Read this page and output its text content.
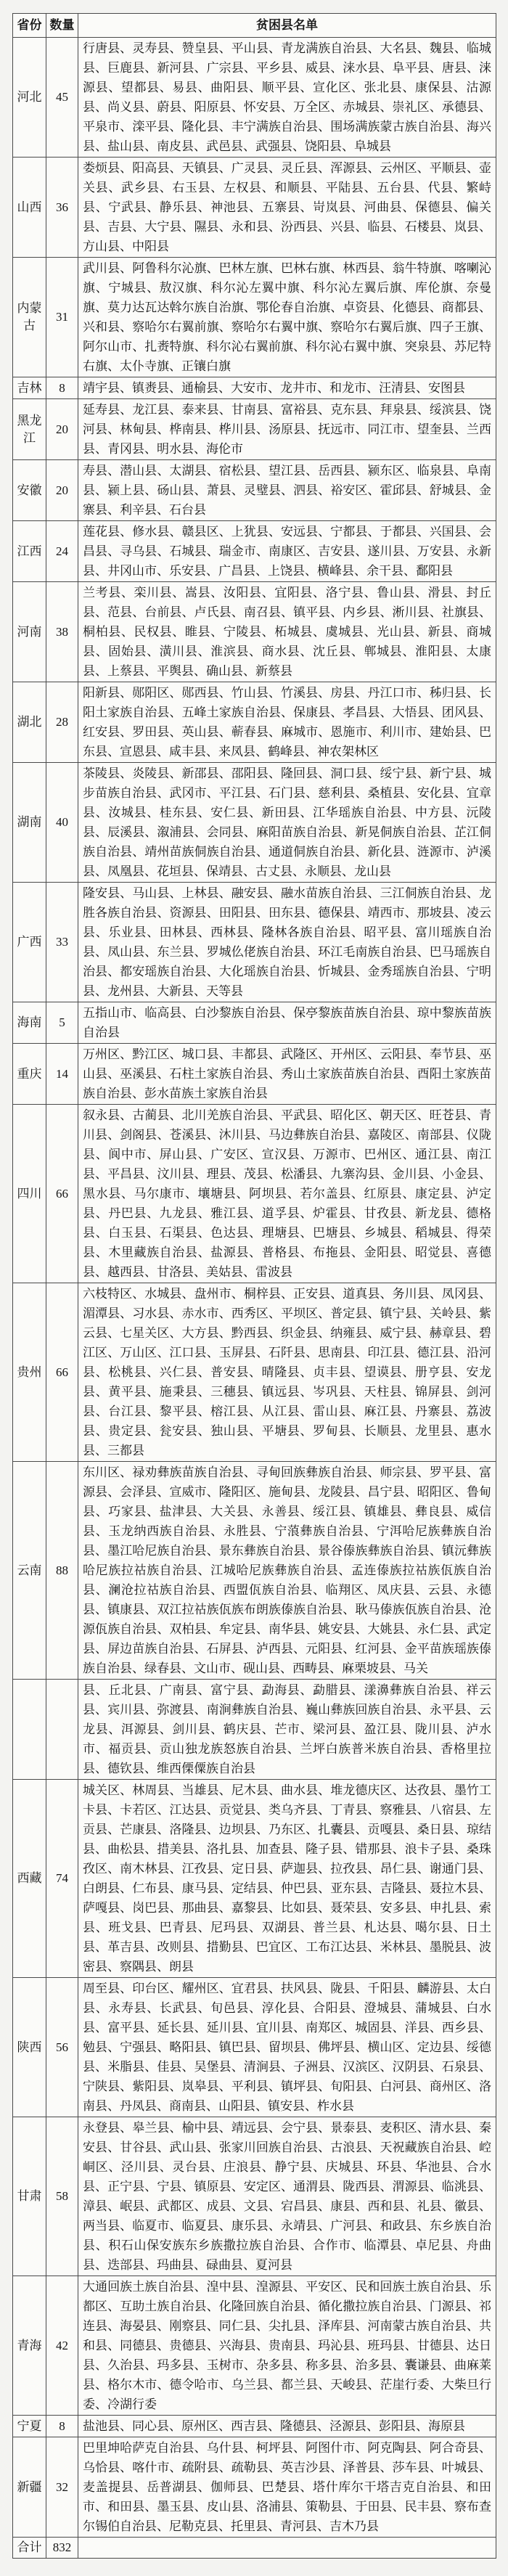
省份	数量	贫困县名单
河北	45	行唐县、灵寿县、赞皇县、平山县、青龙满族自治县、大名县、魏县、临城县、巨鹿县、新河县、广宗县、平乡县、威县、涞水县、阜平县、唐县、涞源县、望都县、易县、曲阳县、顺平县、宣化区、张北县、康保县、沽源县、尚义县、蔚县、阳原县、怀安县、万全区、赤城县、崇礼区、承德县、平泉市、滦平县、隆化县、丰宁满族自治县、围场满族蒙古族自治县、海兴县、盐山县、南皮县、武邑县、武强县、饶阳县、阜城县
山西	36	娄烦县、阳高县、天镇县、广灵县、灵丘县、浑源县、云州区、平顺县、壶关县、武乡县、右玉县、左权县、和顺县、平陆县、五台县、代县、繁峙县、宁武县、静乐县、神池县、五寨县、岢岚县、河曲县、保德县、偏关县、吉县、大宁县、隰县、永和县、汾西县、兴县、临县、石楼县、岚县、方山县、中阳县
内蒙古	31	武川县、阿鲁科尔沁旗、巴林左旗、巴林右旗、林西县、翁牛特旗、喀喇沁旗、宁城县、敖汉旗、科尔沁左翼中旗、科尔沁左翼后旗、库伦旗、奈曼旗、莫力达瓦达斡尔族自治旗、鄂伦春自治旗、卓资县、化德县、商都县、兴和县、察哈尔右翼前旗、察哈尔右翼中旗、察哈尔右翼后旗、四子王旗、阿尔山市、扎赉特旗、科尔沁右翼前旗、科尔沁右翼中旗、突泉县、苏尼特右旗、太仆寺旗、正镶白旗
吉林	8	靖宇县、镇赉县、通榆县、大安市、龙井市、和龙市、汪清县、安图县
黑龙江	20	延寿县、龙江县、泰来县、甘南县、富裕县、克东县、拜泉县、绥滨县、饶河县、林甸县、桦南县、桦川县、汤原县、抚远市、同江市、望奎县、兰西县、青冈县、明水县、海伦市
安徽	20	寿县、潜山县、太湖县、宿松县、望江县、岳西县、颍东区、临泉县、阜南县、颍上县、砀山县、萧县、灵璧县、泗县、裕安区、霍邱县、舒城县、金寨县、利辛县、石台县
江西	24	莲花县、修水县、赣县区、上犹县、安远县、宁都县、于都县、兴国县、会昌县、寻乌县、石城县、瑞金市、南康区、吉安县、遂川县、万安县、永新县、井冈山市、乐安县、广昌县、上饶县、横峰县、余干县、鄱阳县
河南	38	兰考县、栾川县、嵩县、汝阳县、宜阳县、洛宁县、鲁山县、滑县、封丘县、范县、台前县、卢氏县、南召县、镇平县、内乡县、淅川县、社旗县、桐柏县、民权县、睢县、宁陵县、柘城县、虞城县、光山县、新县、商城县、固始县、潢川县、淮滨县、商水县、沈丘县、郸城县、淮阳县、太康县、上蔡县、平舆县、确山县、新蔡县
湖北	28	阳新县、郧阳区、郧西县、竹山县、竹溪县、房县、丹江口市、秭归县、长阳土家族自治县、五峰土家族自治县、保康县、孝昌县、大悟县、团风县、红安县、罗田县、英山县、蕲春县、麻城市、恩施市、利川市、建始县、巴东县、宣恩县、咸丰县、来凤县、鹤峰县、神农架林区
湖南	40	茶陵县、炎陵县、新邵县、邵阳县、隆回县、洞口县、绥宁县、新宁县、城步苗族自治县、武冈市、平江县、石门县、慈利县、桑植县、安化县、宜章县、汝城县、桂东县、安仁县、新田县、江华瑶族自治县、中方县、沅陵县、辰溪县、溆浦县、会同县、麻阳苗族自治县、新晃侗族自治县、芷江侗族自治县、靖州苗族侗族自治县、通道侗族自治县、新化县、涟源市、泸溪县、凤凰县、花垣县、保靖县、古丈县、永顺县、龙山县
广西	33	隆安县、马山县、上林县、融安县、融水苗族自治县、三江侗族自治县、龙胜各族自治县、资源县、田阳县、田东县、德保县、靖西市、那坡县、凌云县、乐业县、田林县、西林县、隆林各族自治县、昭平县、富川瑶族自治县、凤山县、东兰县、罗城仫佬族自治县、环江毛南族自治县、巴马瑶族自治县、都安瑶族自治县、大化瑶族自治县、忻城县、金秀瑶族自治县、宁明县、龙州县、大新县、天等县
海南	5	五指山市、临高县、白沙黎族自治县、保亭黎族苗族自治县、琼中黎族苗族自治县
重庆	14	万州区、黔江区、城口县、丰都县、武隆区、开州区、云阳县、奉节县、巫山县、巫溪县、石柱土家族自治县、秀山土家族苗族自治县、酉阳土家族苗族自治县、彭水苗族土家族自治县
四川	66	叙永县、古蔺县、北川羌族自治县、平武县、昭化区、朝天区、旺苍县、青川县、剑阁县、苍溪县、沐川县、马边彝族自治县、嘉陵区、南部县、仪陇县、阆中市、屏山县、广安区、宣汉县、万源市、巴州区、通江县、南江县、平昌县、汶川县、理县、茂县、松潘县、九寨沟县、金川县、小金县、黑水县、马尔康市、壤塘县、阿坝县、若尔盖县、红原县、康定县、泸定县、丹巴县、九龙县、雅江县、道孚县、炉霍县、甘孜县、新龙县、德格县、白玉县、石渠县、色达县、理塘县、巴塘县、乡城县、稻城县、得荣县、木里藏族自治县、盐源县、普格县、布拖县、金阳县、昭觉县、喜德县、越西县、甘洛县、美姑县、雷波县
贵州	66	六枝特区、水城县、盘州市、桐梓县、正安县、道真县、务川县、凤冈县、湄潭县、习水县、赤水市、西秀区、平坝区、普定县、镇宁县、关岭县、紫云县、七星关区、大方县、黔西县、织金县、纳雍县、威宁县、赫章县、碧江区、万山区、江口县、玉屏县、石阡县、思南县、印江县、德江县、沿河县、松桃县、兴仁县、普安县、晴隆县、贞丰县、望谟县、册亨县、安龙县、黄平县、施秉县、三穗县、镇远县、岑巩县、天柱县、锦屏县、剑河县、台江县、黎平县、榕江县、从江县、雷山县、麻江县、丹寨县、荔波县、贵定县、瓮安县、独山县、平塘县、罗甸县、长顺县、龙里县、惠水县、三都县
云南	88	东川区、禄劝彝族苗族自治县、寻甸回族彝族自治县、师宗县、罗平县、富源县、会泽县、宣威市、隆阳区、施甸县、龙陵县、昌宁县、昭阳区、鲁甸县、巧家县、盐津县、大关县、永善县、绥江县、镇雄县、彝良县、威信县、玉龙纳西族自治县、永胜县、宁蒗彝族自治县、宁洱哈尼族彝族自治县、墨江哈尼族自治县、景东彝族自治县、景谷傣族彝族自治县、镇沅彝族哈尼族拉祜族自治县、江城哈尼族彝族自治县、孟连傣族拉祜族佤族自治县、澜沧拉祜族自治县、西盟佤族自治县、临翔区、凤庆县、云县、永德县、镇康县、双江拉祜族佤族布朗族傣族自治县、耿马傣族佤族自治县、沧源佤族自治县、双柏县、牟定县、南华县、姚安县、大姚县、永仁县、武定县、屏边苗族自治县、石屏县、泸西县、元阳县、红河县、金平苗族瑶族傣族自治县、绿春县、文山市、砚山县、西畴县、麻栗坡县、马关
		县、丘北县、广南县、富宁县、勐海县、勐腊县、漾濞彝族自治县、祥云县、宾川县、弥渡县、南涧彝族自治县、巍山彝族回族自治县、永平县、云龙县、洱源县、剑川县、鹤庆县、芒市、梁河县、盈江县、陇川县、泸水市、福贡县、贡山独龙族怒族自治县、兰坪白族普米族自治县、香格里拉县、德钦县、维西傈僳族自治县
西藏	74	城关区、林周县、当雄县、尼木县、曲水县、堆龙德庆区、达孜县、墨竹工卡县、卡若区、江达县、贡觉县、类乌齐县、丁青县、察雅县、八宿县、左贡县、芒康县、洛隆县、边坝县、乃东区、扎囊县、贡嘎县、桑日县、琼结县、曲松县、措美县、洛扎县、加查县、隆子县、错那县、浪卡子县、桑珠孜区、南木林县、江孜县、定日县、萨迦县、拉孜县、昂仁县、谢通门县、白朗县、仁布县、康马县、定结县、仲巴县、亚东县、吉隆县、聂拉木县、萨嘎县、岗巴县、那曲县、嘉黎县、比如县、聂荣县、安多县、申扎县、索县、班戈县、巴青县、尼玛县、双湖县、普兰县、札达县、噶尔县、日土县、革吉县、改则县、措勤县、巴宜区、工布江达县、米林县、墨脱县、波密县、察隅县、朗县
陕西	56	周至县、印台区、耀州区、宜君县、扶风县、陇县、千阳县、麟游县、太白县、永寿县、长武县、旬邑县、淳化县、合阳县、澄城县、蒲城县、白水县、富平县、延长县、延川县、宜川县、南郑区、城固县、洋县、西乡县、勉县、宁强县、略阳县、镇巴县、留坝县、佛坪县、横山区、定边县、绥德县、米脂县、佳县、吴堡县、清涧县、子洲县、汉滨区、汉阴县、石泉县、宁陕县、紫阳县、岚皋县、平利县、镇坪县、旬阳县、白河县、商州区、洛南县、丹凤县、商南县、山阳县、镇安县、柞水县
甘肃	58	永登县、皋兰县、榆中县、靖远县、会宁县、景泰县、麦积区、清水县、秦安县、甘谷县、武山县、张家川回族自治县、古浪县、天祝藏族自治县、崆峒区、泾川县、灵台县、庄浪县、静宁县、庆城县、环县、华池县、合水县、正宁县、宁县、镇原县、安定区、通渭县、陇西县、渭源县、临洮县、漳县、岷县、武都区、成县、文县、宕昌县、康县、西和县、礼县、徽县、两当县、临夏市、临夏县、康乐县、永靖县、广河县、和政县、东乡族自治县、积石山保安族东乡族撒拉族自治县、合作市、临潭县、卓尼县、舟曲县、迭部县、玛曲县、碌曲县、夏河县
青海	42	大通回族土族自治县、湟中县、湟源县、平安区、民和回族土族自治县、乐都区、互助土族自治县、化隆回族自治县、循化撒拉族自治县、门源县、祁连县、海晏县、刚察县、同仁县、尖扎县、泽库县、河南蒙古族自治县、共和县、同德县、贵德县、兴海县、贵南县、玛沁县、班玛县、甘德县、达日县、久治县、玛多县、玉树市、杂多县、称多县、治多县、囊谦县、曲麻莱县、格尔木市、德令哈市、乌兰县、都兰县、天峻县、茫崖行委、大柴旦行委、冷湖行委
宁夏	8	盐池县、同心县、原州区、西吉县、隆德县、泾源县、彭阳县、海原县
新疆	32	巴里坤哈萨克自治县、乌什县、柯坪县、阿图什市、阿克陶县、阿合奇县、乌恰县、喀什市、疏附县、疏勒县、英吉沙县、泽普县、莎车县、叶城县、麦盖提县、岳普湖县、伽师县、巴楚县、塔什库尔干塔吉克自治县、和田市、和田县、墨玉县、皮山县、洛浦县、策勒县、于田县、民丰县、察布查尔锡伯自治县、尼勒克县、托里县、青河县、吉木乃县
合计	832	
